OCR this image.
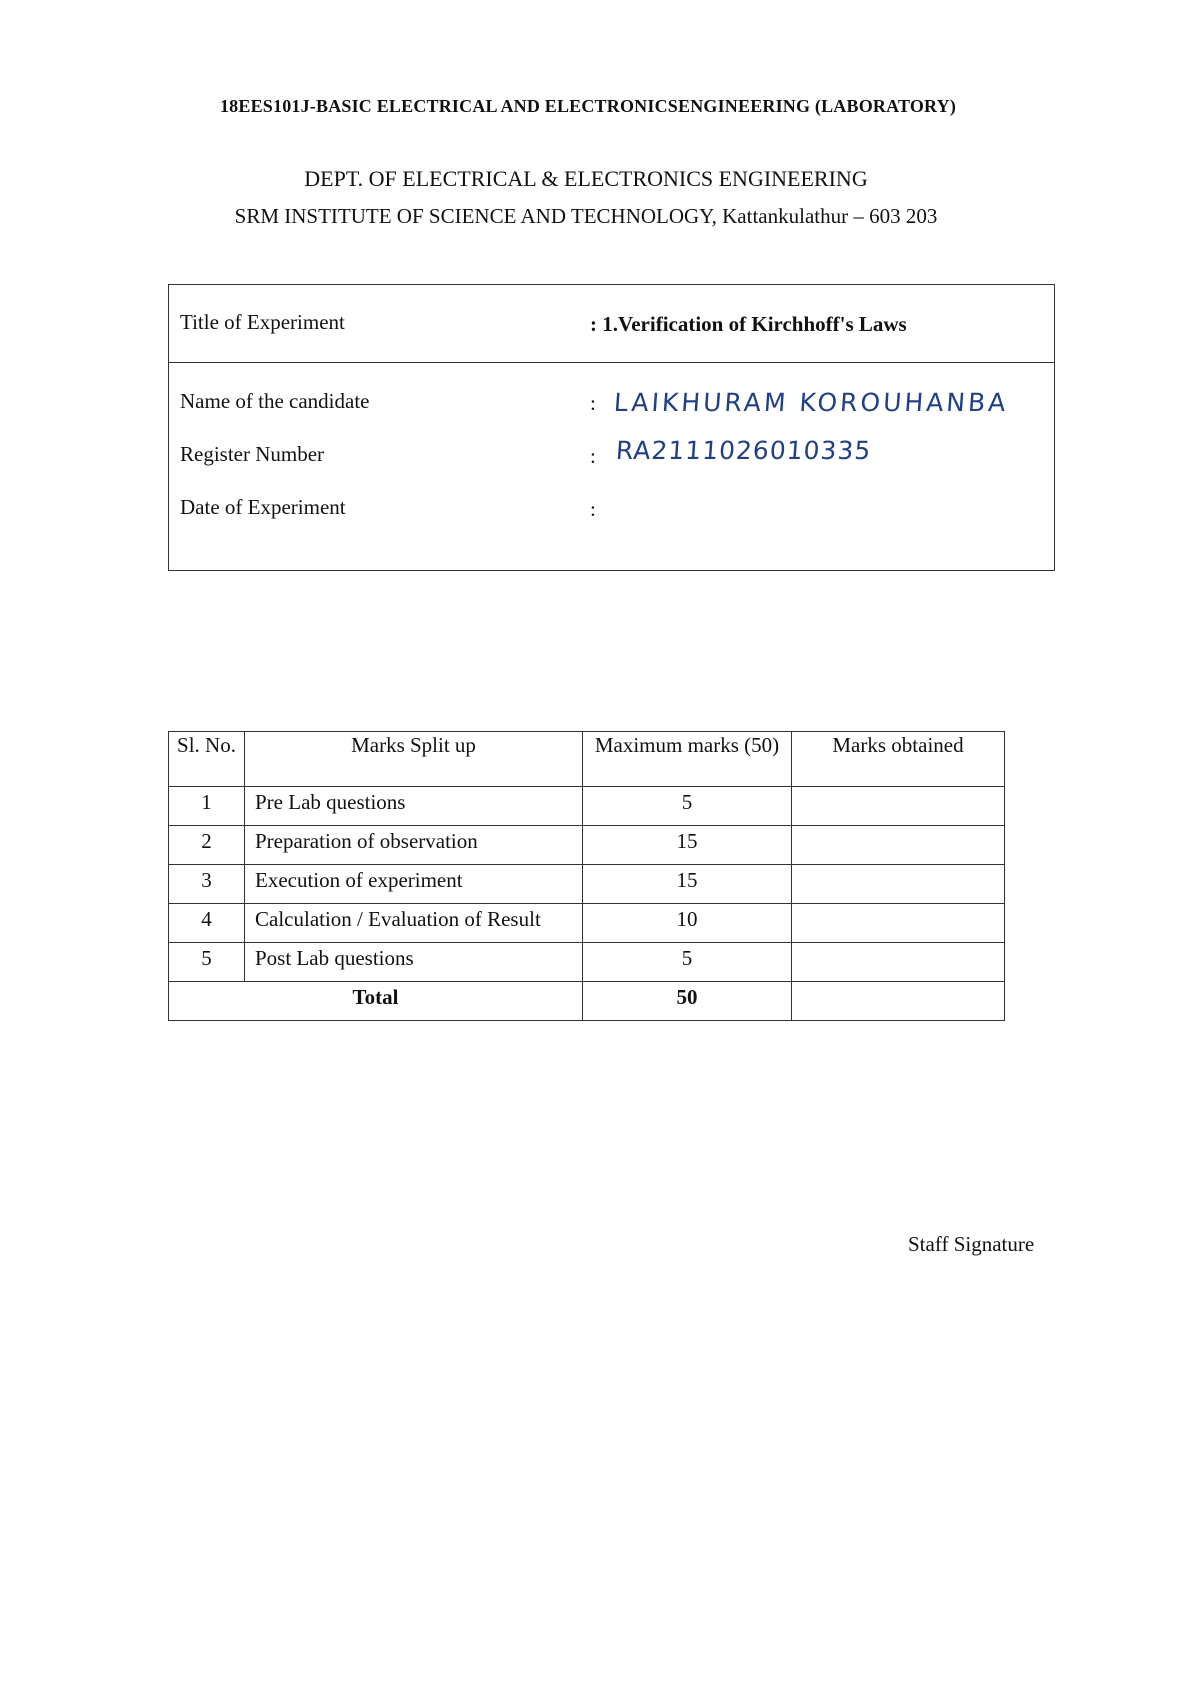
18EES101J-BASIC ELECTRICAL AND ELECTRONICSENGINEERING (LABORATORY)
DEPT. OF ELECTRICAL & ELECTRONICS ENGINEERING
SRM INSTITUTE OF SCIENCE AND TECHNOLOGY, Kattankulathur – 603 203
Title of Experiment	: 1.Verification of Kirchhoff's Laws
Name of the candidate	: LAIKHURAM KOROUHANBA
Register Number	: RA2111026010335
Date of Experiment	:
Sl. No.	Marks Split up	Maximum marks (50)	Marks obtained
1	Pre Lab questions	5	
2	Preparation of observation	15	
3	Execution of experiment	15	
4	Calculation / Evaluation of Result	10	
5	Post Lab questions	5	
Total		50	
Staff Signature
